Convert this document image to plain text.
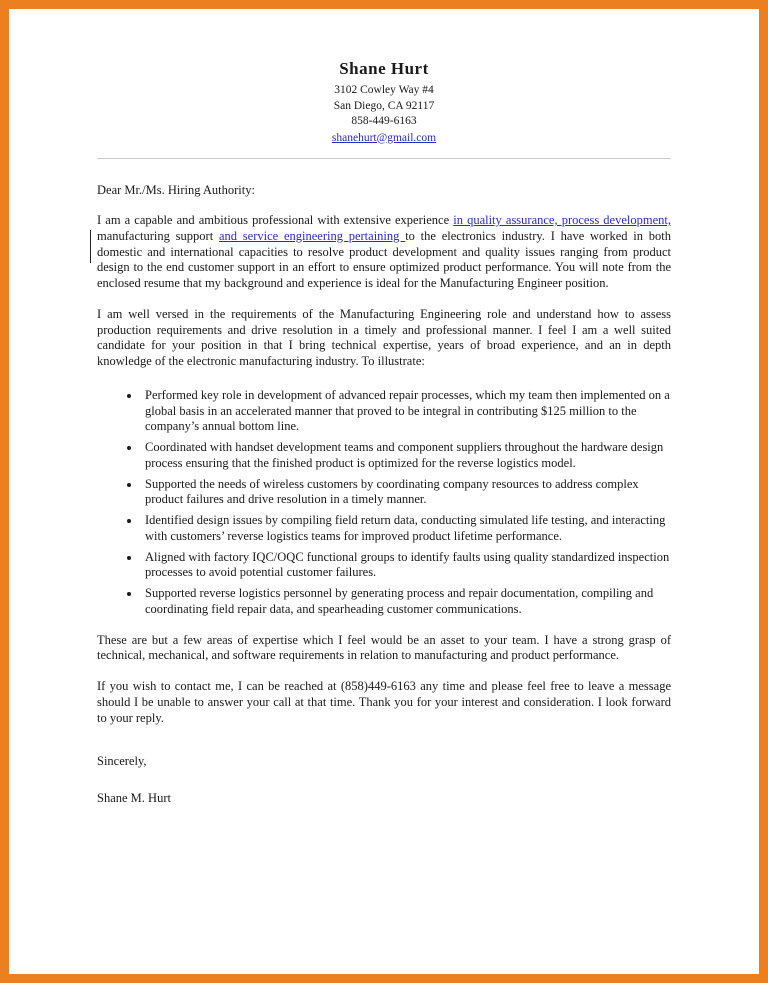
Shane Hurt
3102 Cowley Way #4
San Diego, CA 92117
858-449-6163
shanehurt@gmail.com

Dear Mr./Ms. Hiring Authority:

I am a capable and ambitious professional with extensive experience in quality assurance, process development, manufacturing support and service engineering pertaining to the electronics industry. I have worked in both domestic and international capacities to resolve product development and quality issues ranging from product design to the end customer support in an effort to ensure optimized product performance. You will note from the enclosed resume that my background and experience is ideal for the Manufacturing Engineer position.

I am well versed in the requirements of the Manufacturing Engineering role and understand how to assess production requirements and drive resolution in a timely and professional manner. I feel I am a well suited candidate for your position in that I bring technical expertise, years of broad experience, and an in depth knowledge of the electronic manufacturing industry. To illustrate:

• Performed key role in development of advanced repair processes, which my team then implemented on a global basis in an accelerated manner that proved to be integral in contributing $125 million to the company’s annual bottom line.
• Coordinated with handset development teams and component suppliers throughout the hardware design process ensuring that the finished product is optimized for the reverse logistics model.
• Supported the needs of wireless customers by coordinating company resources to address complex product failures and drive resolution in a timely manner.
• Identified design issues by compiling field return data, conducting simulated life testing, and interacting with customers’ reverse logistics teams for improved product lifetime performance.
• Aligned with factory IQC/OQC functional groups to identify faults using quality standardized inspection processes to avoid potential customer failures.
• Supported reverse logistics personnel by generating process and repair documentation, compiling and coordinating field repair data, and spearheading customer communications.

These are but a few areas of expertise which I feel would be an asset to your team. I have a strong grasp of technical, mechanical, and software requirements in relation to manufacturing and product performance.

If you wish to contact me, I can be reached at (858)449-6163 any time and please feel free to leave a message should I be unable to answer your call at that time. Thank you for your interest and consideration. I look forward to your reply.

Sincerely,

Shane M. Hurt
